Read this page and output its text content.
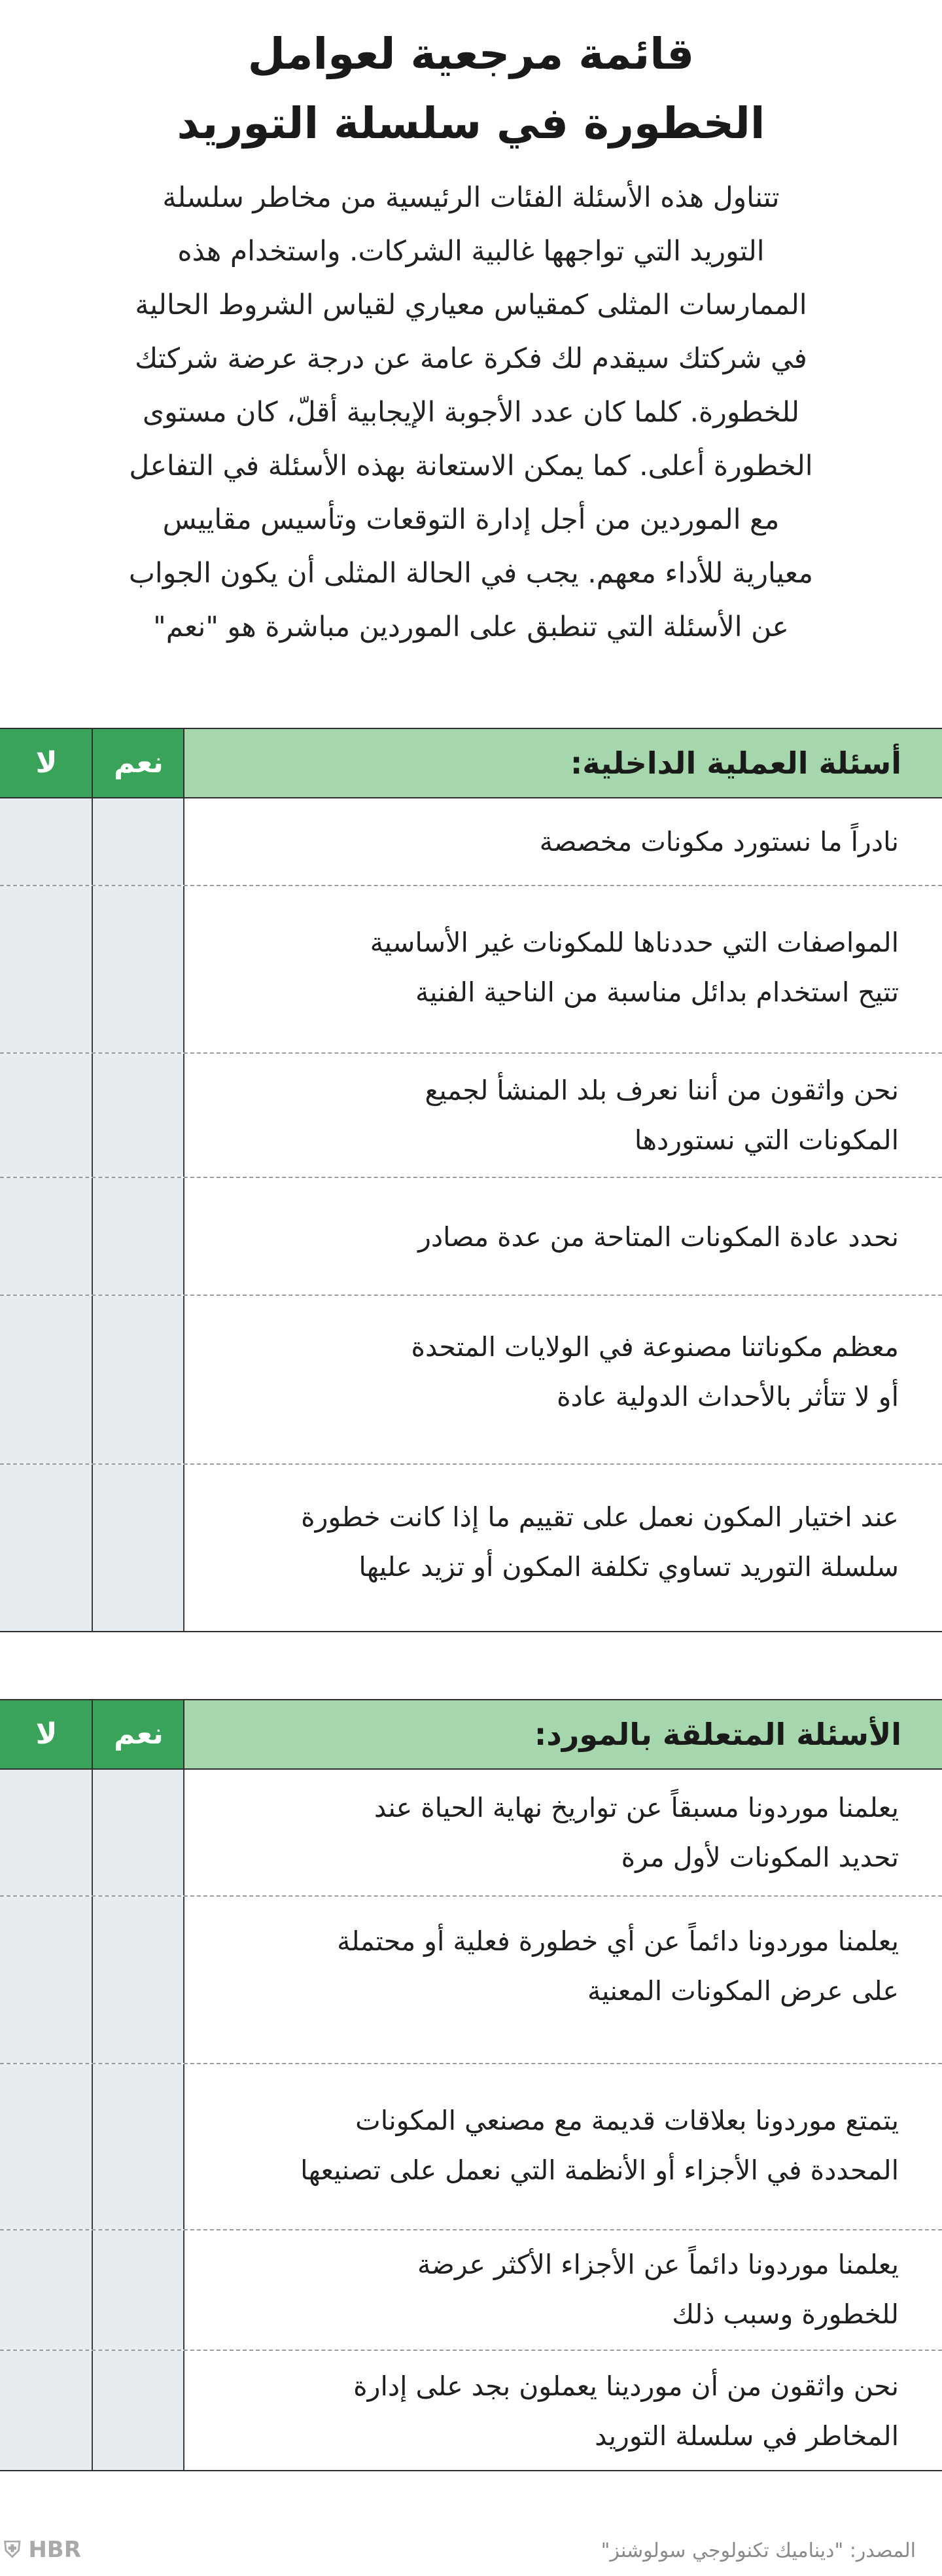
قائمة مرجعية لعوامل
الخطورة في سلسلة التوريد
تتناول هذه الأسئلة الفئات الرئيسية من مخاطر سلسلة
التوريد التي تواجهها غالبية الشركات. واستخدام هذه
الممارسات المثلى كمقياس معياري لقياس الشروط الحالية
في شركتك سيقدم لك فكرة عامة عن درجة عرضة شركتك
للخطورة. كلما كان عدد الأجوبة الإيجابية أقلّ، كان مستوى
الخطورة أعلى. كما يمكن الاستعانة بهذه الأسئلة في التفاعل
مع الموردين من أجل إدارة التوقعات وتأسيس مقاييس
معيارية للأداء معهم. يجب في الحالة المثلى أن يكون الجواب
عن الأسئلة التي تنطبق على الموردين مباشرة هو "نعم"
لا	نعم	أسئلة العملية الداخلية:
نادراً ما نستورد مكونات مخصصة
المواصفات التي حددناها للمكونات غير الأساسية
تتيح استخدام بدائل مناسبة من الناحية الفنية
نحن واثقون من أننا نعرف بلد المنشأ لجميع
المكونات التي نستوردها
نحدد عادة المكونات المتاحة من عدة مصادر
معظم مكوناتنا مصنوعة في الولايات المتحدة
أو لا تتأثر بالأحداث الدولية عادة
عند اختيار المكون نعمل على تقييم ما إذا كانت خطورة
سلسلة التوريد تساوي تكلفة المكون أو تزيد عليها
لا	نعم	الأسئلة المتعلقة بالمورد:
يعلمنا موردونا مسبقاً عن تواريخ نهاية الحياة عند
تحديد المكونات لأول مرة
يعلمنا موردونا دائماً عن أي خطورة فعلية أو محتملة
على عرض المكونات المعنية
يتمتع موردونا بعلاقات قديمة مع مصنعي المكونات
المحددة في الأجزاء أو الأنظمة التي نعمل على تصنيعها
يعلمنا موردونا دائماً عن الأجزاء الأكثر عرضة
للخطورة وسبب ذلك
نحن واثقون من أن موردينا يعملون بجد على إدارة
المخاطر في سلسلة التوريد
المصدر: "ديناميك تكنولوجي سولوشنز"
⛨ HBR
